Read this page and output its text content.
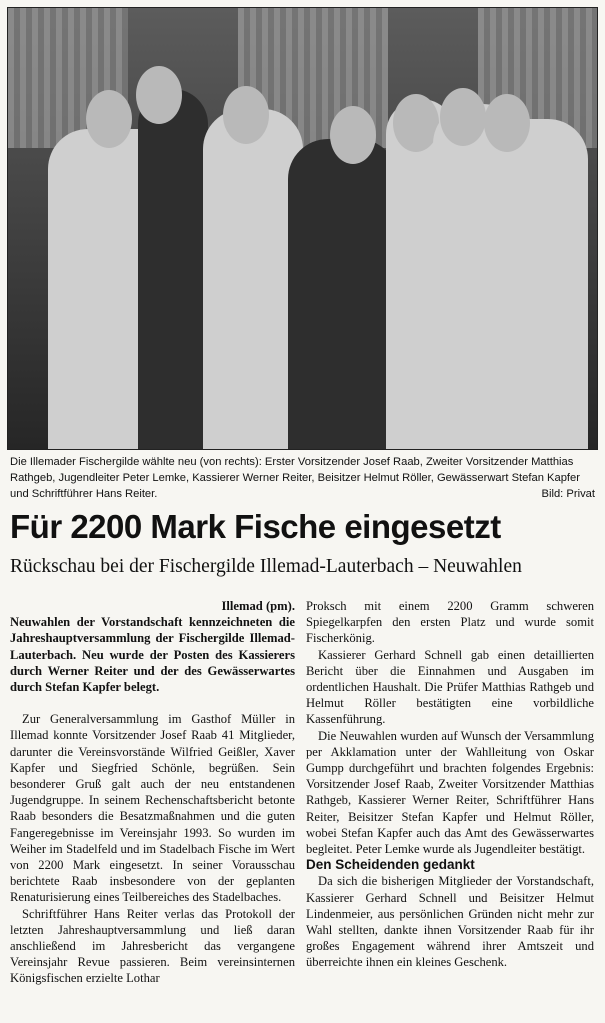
Die Illemader Fischergilde wählte neu (von rechts): Erster Vorsitzender Josef Raab, Zweiter Vorsitzender Matthias Rathgeb, Jugendleiter Peter Lemke, Kassierer Werner Reiter, Beisitzer Helmut Röller, Gewässerwart Stefan Kapfer und Schriftführer Hans Reiter.	Bild: Privat
Für 2200 Mark Fische eingesetzt
Rückschau bei der Fischergilde Illemad-Lauterbach – Neuwahlen

Illemad (pm).

Neuwahlen der Vorstandschaft kennzeichneten die Jahreshauptversammlung der Fischergilde Illemad-Lauterbach. Neu wurde der Posten des Kassierers durch Werner Reiter und der des Gewässerwartes durch Stefan Kapfer belegt.

Zur Generalversammlung im Gasthof Müller in Illemad konnte Vorsitzender Josef Raab 41 Mitglieder, darunter die Vereinsvorstände Wilfried Geißler, Xaver Kapfer und Siegfried Schönle, begrüßen. Sein besonderer Gruß galt auch der neu entstandenen Jugendgruppe. In seinem Rechenschaftsbericht betonte Raab besonders die Besatzmaßnahmen und die guten Fangeregebnisse im Vereinsjahr 1993. So wurden im Weiher im Stadelfeld und im Stadelbach Fische im Wert von 2200 Mark eingesetzt. In seiner Vorausschau berichtete Raab insbesondere von der geplanten Renaturisierung eines Teilbereiches des Stadelbaches.

Schriftführer Hans Reiter verlas das Protokoll der letzten Jahreshauptversammlung und ließ daran anschließend im Jahresbericht das vergangene Vereinsjahr Revue passieren. Beim vereinsinternen Königsfischen erzielte Lothar

Proksch mit einem 2200 Gramm schweren Spiegelkarpfen den ersten Platz und wurde somit Fischerkönig.

Kassierer Gerhard Schnell gab einen detaillierten Bericht über die Einnahmen und Ausgaben im ordentlichen Haushalt. Die Prüfer Matthias Rathgeb und Helmut Röller bestätigten eine vorbildliche Kassenführung.

Die Neuwahlen wurden auf Wunsch der Versammlung per Akklamation unter der Wahlleitung von Oskar Gumpp durchgeführt und brachten folgendes Ergebnis: Vorsitzender Josef Raab, Zweiter Vorsitzender Matthias Rathgeb, Kassierer Werner Reiter, Schriftführer Hans Reiter, Beisitzer Stefan Kapfer und Helmut Röller, wobei Stefan Kapfer auch das Amt des Gewässerwartes begleitet. Peter Lemke wurde als Jugendleiter bestätigt.

Den Scheidenden gedankt

Da sich die bisherigen Mitglieder der Vorstandschaft, Kassierer Gerhard Schnell und Beisitzer Helmut Lindenmeier, aus persönlichen Gründen nicht mehr zur Wahl stellten, dankte ihnen Vorsitzender Raab für ihr großes Engagement während ihrer Amtszeit und überreichte ihnen ein kleines Geschenk.
